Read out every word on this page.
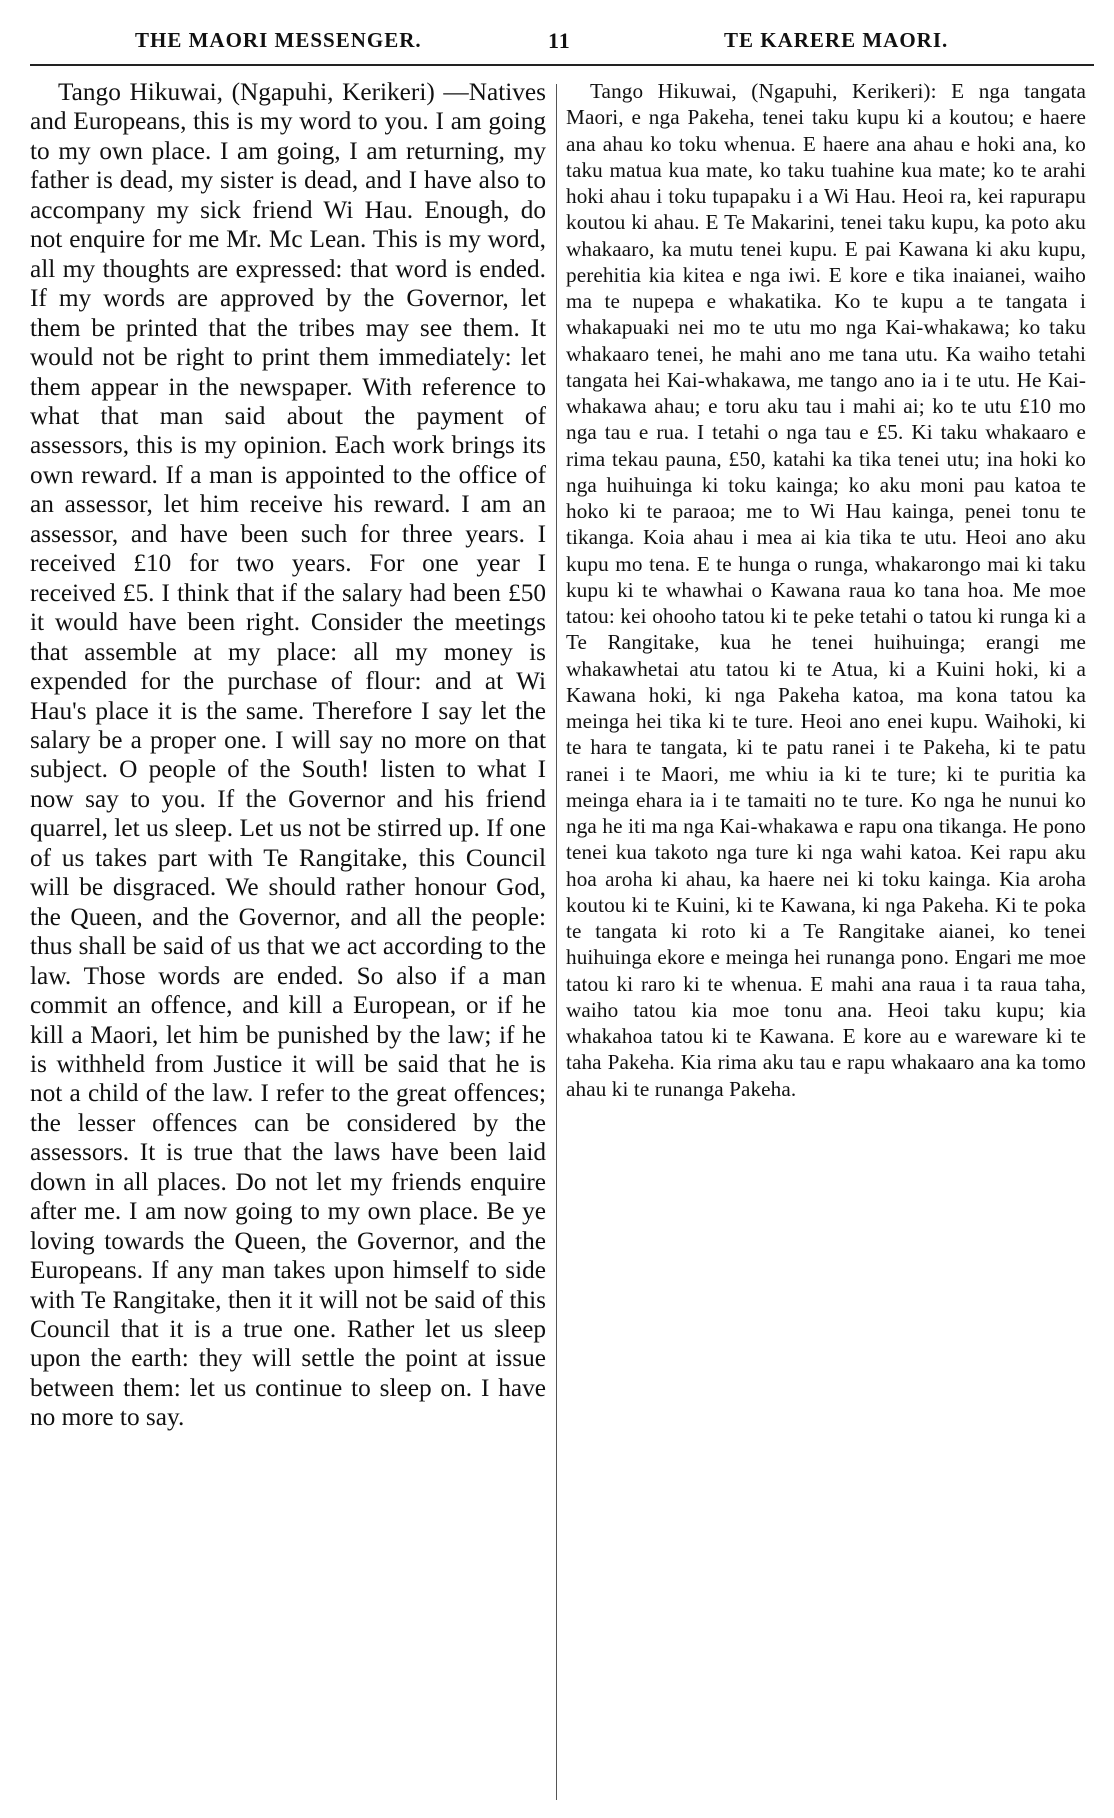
THE MAORI MESSENGER.	11	TE KARERE MAORI.

Tango Hikuwai, (Ngapuhi, Kerikeri) —Natives and Europeans, this is my word to you. I am going to my own place. I am going, I am returning, my father is dead, my sister is dead, and I have also to accompany my sick friend Wi Hau. Enough, do not enquire for me Mr. Mc Lean. This is my word, all my thoughts are expressed: that word is ended. If my words are approved by the Governor, let them be printed that the tribes may see them. It would not be right to print them immediately: let them appear in the newspaper. With reference to what that man said about the payment of assessors, this is my opinion. Each work brings its own reward. If a man is appointed to the office of an assessor, let him receive his reward. I am an assessor, and have been such for three years. I received £10 for two years. For one year I received £5. I think that if the salary had been £50 it would have been right. Consider the meetings that assemble at my place: all my money is expended for the purchase of flour: and at Wi Hau's place it is the same. Therefore I say let the salary be a proper one. I will say no more on that subject. O people of the South! listen to what I now say to you. If the Governor and his friend quarrel, let us sleep. Let us not be stirred up. If one of us takes part with Te Rangitake, this Council will be disgraced. We should rather honour God, the Queen, and the Governor, and all the people: thus shall be said of us that we act according to the law. Those words are ended. So also if a man commit an offence, and kill a European, or if he kill a Maori, let him be punished by the law; if he is withheld from Justice it will be said that he is not a child of the law. I refer to the great offences; the lesser offences can be considered by the assessors. It is true that the laws have been laid down in all places. Do not let my friends enquire after me. I am now going to my own place. Be ye loving towards the Queen, the Governor, and the Europeans. If any man takes upon himself to side with Te Rangitake, then it it will not be said of this Council that it is a true one. Rather let us sleep upon the earth: they will settle the point at issue between them: let us continue to sleep on. I have no more to say.

Tango Hikuwai, (Ngapuhi, Kerikeri): E nga tangata Maori, e nga Pakeha, tenei taku kupu ki a koutou; e haere ana ahau ko toku whenua. E haere ana ahau e hoki ana, ko taku matua kua mate, ko taku tuahine kua mate; ko te arahi hoki ahau i toku tupapaku i a Wi Hau. Heoi ra, kei rapurapu koutou ki ahau. E Te Makarini, tenei taku kupu, ka poto aku whakaaro, ka mutu tenei kupu. E pai Kawana ki aku kupu, perehitia kia kitea e nga iwi. E kore e tika inaianei, waiho ma te nupepa e whakatika. Ko te kupu a te tangata i whakapuaki nei mo te utu mo nga Kai-whakawa; ko taku whakaaro tenei, he mahi ano me tana utu. Ka waiho tetahi tangata hei Kai-whakawa, me tango ano ia i te utu. He Kai-whakawa ahau; e toru aku tau i mahi ai; ko te utu £10 mo nga tau e rua. I tetahi o nga tau e £5. Ki taku whakaaro e rima tekau pauna, £50, katahi ka tika tenei utu; ina hoki ko nga huihuinga ki toku kainga; ko aku moni pau katoa te hoko ki te paraoa; me to Wi Hau kainga, penei tonu te tikanga. Koia ahau i mea ai kia tika te utu. Heoi ano aku kupu mo tena. E te hunga o runga, whakarongo mai ki taku kupu ki te whawhai o Kawana raua ko tana hoa. Me moe tatou: kei ohooho tatou ki te peke tetahi o tatou ki runga ki a Te Rangitake, kua he tenei huihuinga; erangi me whakawhetai atu tatou ki te Atua, ki a Kuini hoki, ki a Kawana hoki, ki nga Pakeha katoa, ma kona tatou ka meinga hei tika ki te ture. Heoi ano enei kupu. Waihoki, ki te hara te tangata, ki te patu ranei i te Pakeha, ki te patu ranei i te Maori, me whiu ia ki te ture; ki te puritia ka meinga ehara ia i te tamaiti no te ture. Ko nga he nunui ko nga he iti ma nga Kai-whakawa e rapu ona tikanga. He pono tenei kua takoto nga ture ki nga wahi katoa. Kei rapu aku hoa aroha ki ahau, ka haere nei ki toku kainga. Kia aroha koutou ki te Kuini, ki te Kawana, ki nga Pakeha. Ki te poka te tangata ki roto ki a Te Rangitake aianei, ko tenei huihuinga ekore e meinga hei runanga pono. Engari me moe tatou ki raro ki te whenua. E mahi ana raua i ta raua taha, waiho tatou kia moe tonu ana. Heoi taku kupu; kia whakahoa tatou ki te Kawana. E kore au e wareware ki te taha Pakeha. Kia rima aku tau e rapu whakaaro ana ka tomo ahau ki te runanga Pakeha.
